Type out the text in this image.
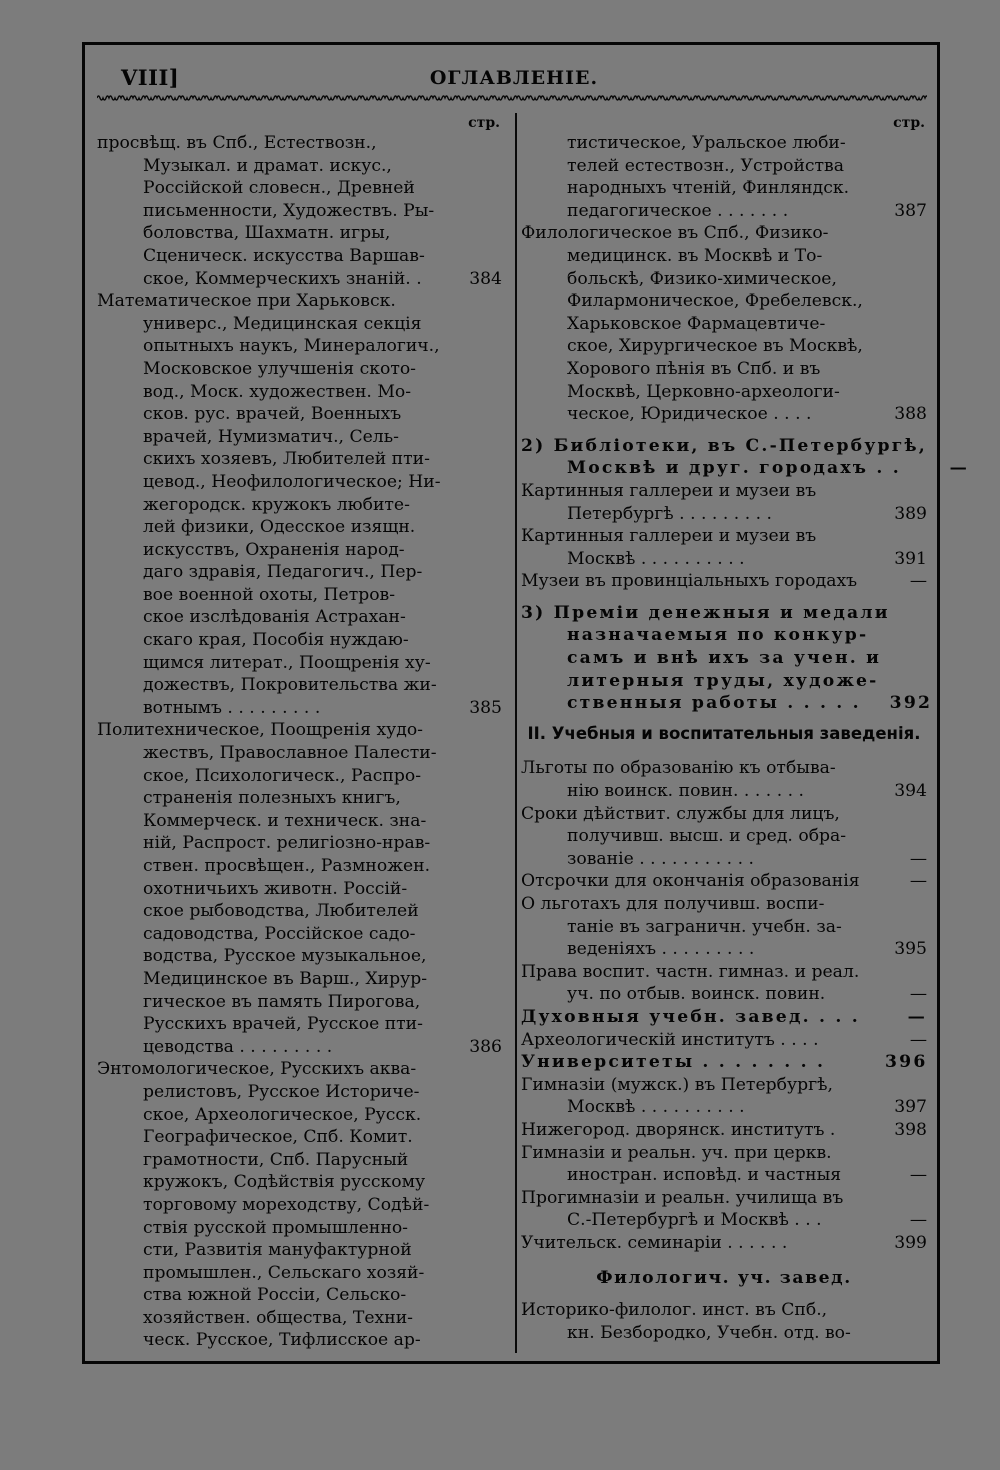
VIII]	ОГЛАВЛЕНІЕ.
стр.
просвѣщ. въ Спб., Естествозн.,
Музыкал. и драмат. искус.,
Россійской словесн., Древней
письменности, Художествъ. Ры-
боловства, Шахматн. игры,
Сценическ. искусства Варшав-
ское, Коммерческихъ знаній. .	384
Математическое при Харьковск.
универс., Медицинская секція
опытныхъ наукъ, Минералогич.,
Московское улучшенія ското-
вод., Моск. художествен. Мо-
сков. рус. врачей, Военныхъ
врачей, Нумизматич., Сель-
скихъ хозяевъ, Любителей пти-
цевод., Неофилологическое; Ни-
жегородск. кружокъ любите-
лей физики, Одесское изящн.
искусствъ, Охраненія народ-
даго здравія, Педагогич., Пер-
вое военной охоты, Петров-
ское изслѣдованія Астрахан-
скаго края, Пособія нуждаю-
щимся литерат., Поощренія ху-
дожествъ, Покровительства жи-
вотнымъ . . . . . . . . .	385
Политехническое, Поощренія худо-
жествъ, Православное Палести-
ское, Психологическ., Распро-
страненія полезныхъ книгъ,
Коммерческ. и техническ. зна-
ній, Распрост. религіозно-нрав-
ствен. просвѣщен., Размножен.
охотничьихъ животн. Россій-
ское рыбоводства, Любителей
садоводства, Россійское садо-
водства, Русское музыкальное,
Медицинское въ Варш., Хирур-
гическое въ память Пирогова,
Русскихъ врачей, Русское пти-
цеводства . . . . . . . . .	386
Энтомологическое, Русскихъ аква-
релистовъ, Русское Историче-
ское, Археологическое, Русск.
Географическое, Спб. Комит.
грамотности, Спб. Парусный
кружокъ, Содѣйствія русскому
торговому мореходству, Содѣй-
ствія русской промышленно-
сти, Развитія мануфактурной
промышлен., Сельскаго хозяй-
ства южной Россіи, Сельско-
хозяйствен. общества, Техни-
ческ. Русское, Тифлисское ар-
стр.
тистическое, Уральское люби-
телей естествозн., Устройства
народныхъ чтеній, Финляндск.
педагогическое . . . . . . .	387
Филологическое въ Спб., Физико-
медицинск. въ Москвѣ и То-
больскѣ, Физико-химическое,
Филармоническое, Фребелевск.,
Харьковское Фармацевтиче-
ское, Хирургическое въ Москвѣ,
Хорового пѣнія въ Спб. и въ
Москвѣ, Церковно-археологи-
ческое, Юридическое . . . .	388
2) Библіотеки, въ С.-Петербургѣ,
Москвѣ и друг. городахъ . .	—
Картинныя галлереи и музеи въ
Петербургѣ . . . . . . . . .	389
Картинныя галлереи и музеи въ
Москвѣ . . . . . . . . . .	391
Музеи въ провинціальныхъ городахъ	—
3) Преміи денежныя и медали
назначаемыя по конкур-
самъ и внѣ ихъ за учен. и
литерныя труды, художе-
ственныя работы . . . . .	392
II. Учебныя и воспитательныя заведенія.
Льготы по образованію къ отбыва-
нію воинск. повин. . . . . . .	394
Сроки дѣйствит. службы для лицъ,
получивш. высш. и сред. обра-
зованіе . . . . . . . . . . .	—
Отсрочки для окончанія образованія	—
О льготахъ для получивш. воспи-
таніе въ заграничн. учебн. за-
веденіяхъ . . . . . . . . .	395
Права воспит. частн. гимназ. и реал.
уч. по отбыв. воинск. повин.	—
Духовныя учебн. завед. . . .	—
Археологическій институтъ . . . .	—
Университеты . . . . . . . .	396
Гимназіи (мужск.) въ Петербургѣ,
Москвѣ . . . . . . . . . .	397
Нижегород. дворянск. институтъ .	398
Гимназіи и реальн. уч. при церкв.
иностран. исповѣд. и частныя	—
Прогимназіи и реальн. училища въ
С.-Петербургѣ и Москвѣ . . .	—
Учительск. семинаріи . . . . . .	399
Филологич. уч. завед.
Историко-филолог. инст. въ Спб.,
кн. Безбородко, Учебн. отд. во-
